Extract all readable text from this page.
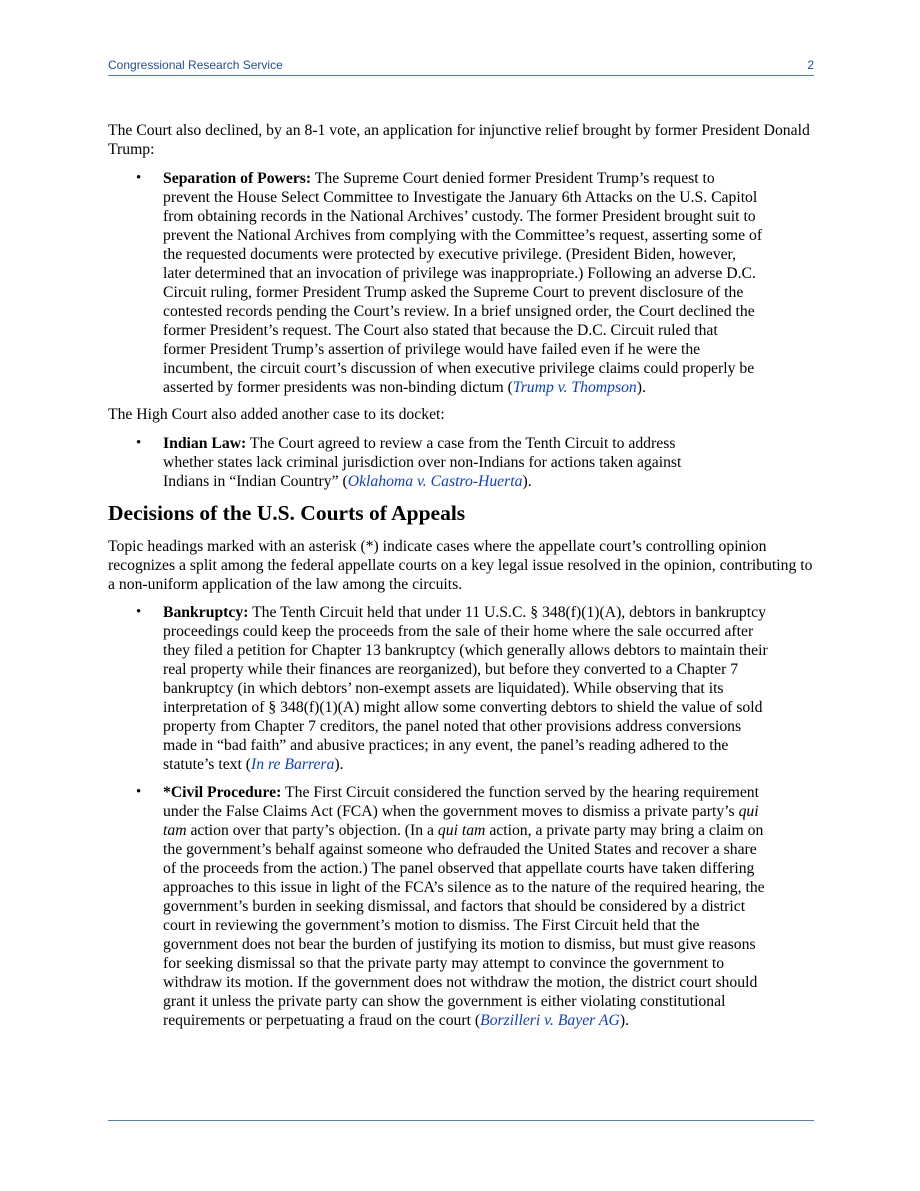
Congressional Research Service	2

The Court also declined, by an 8-1 vote, an application for injunctive relief brought by former President Donald Trump:

• Separation of Powers: The Supreme Court denied former President Trump’s request to prevent the House Select Committee to Investigate the January 6th Attacks on the U.S. Capitol from obtaining records in the National Archives’ custody. The former President brought suit to prevent the National Archives from complying with the Committee’s request, asserting some of the requested documents were protected by executive privilege. (President Biden, however, later determined that an invocation of privilege was inappropriate.) Following an adverse D.C. Circuit ruling, former President Trump asked the Supreme Court to prevent disclosure of the contested records pending the Court’s review. In a brief unsigned order, the Court declined the former President’s request. The Court also stated that because the D.C. Circuit ruled that former President Trump’s assertion of privilege would have failed even if he were the incumbent, the circuit court’s discussion of when executive privilege claims could properly be asserted by former presidents was non-binding dictum (Trump v. Thompson).

The High Court also added another case to its docket:

• Indian Law: The Court agreed to review a case from the Tenth Circuit to address whether states lack criminal jurisdiction over non-Indians for actions taken against Indians in “Indian Country” (Oklahoma v. Castro-Huerta).
Decisions of the U.S. Courts of Appeals

Topic headings marked with an asterisk (*) indicate cases where the appellate court’s controlling opinion recognizes a split among the federal appellate courts on a key legal issue resolved in the opinion, contributing to a non-uniform application of the law among the circuits.

• Bankruptcy: The Tenth Circuit held that under 11 U.S.C. § 348(f)(1)(A), debtors in bankruptcy proceedings could keep the proceeds from the sale of their home where the sale occurred after they filed a petition for Chapter 13 bankruptcy (which generally allows debtors to maintain their real property while their finances are reorganized), but before they converted to a Chapter 7 bankruptcy (in which debtors’ non-exempt assets are liquidated). While observing that its interpretation of § 348(f)(1)(A) might allow some converting debtors to shield the value of sold property from Chapter 7 creditors, the panel noted that other provisions address conversions made in “bad faith” and abusive practices; in any event, the panel’s reading adhered to the statute’s text (In re Barrera).
• *Civil Procedure: The First Circuit considered the function served by the hearing requirement under the False Claims Act (FCA) when the government moves to dismiss a private party’s qui tam action over that party’s objection. (In a qui tam action, a private party may bring a claim on the government’s behalf against someone who defrauded the United States and recover a share of the proceeds from the action.) The panel observed that appellate courts have taken differing approaches to this issue in light of the FCA’s silence as to the nature of the required hearing, the government’s burden in seeking dismissal, and factors that should be considered by a district court in reviewing the government’s motion to dismiss. The First Circuit held that the government does not bear the burden of justifying its motion to dismiss, but must give reasons for seeking dismissal so that the private party may attempt to convince the government to withdraw its motion. If the government does not withdraw the motion, the district court should grant it unless the private party can show the government is either violating constitutional requirements or perpetuating a fraud on the court (Borzilleri v. Bayer AG).
